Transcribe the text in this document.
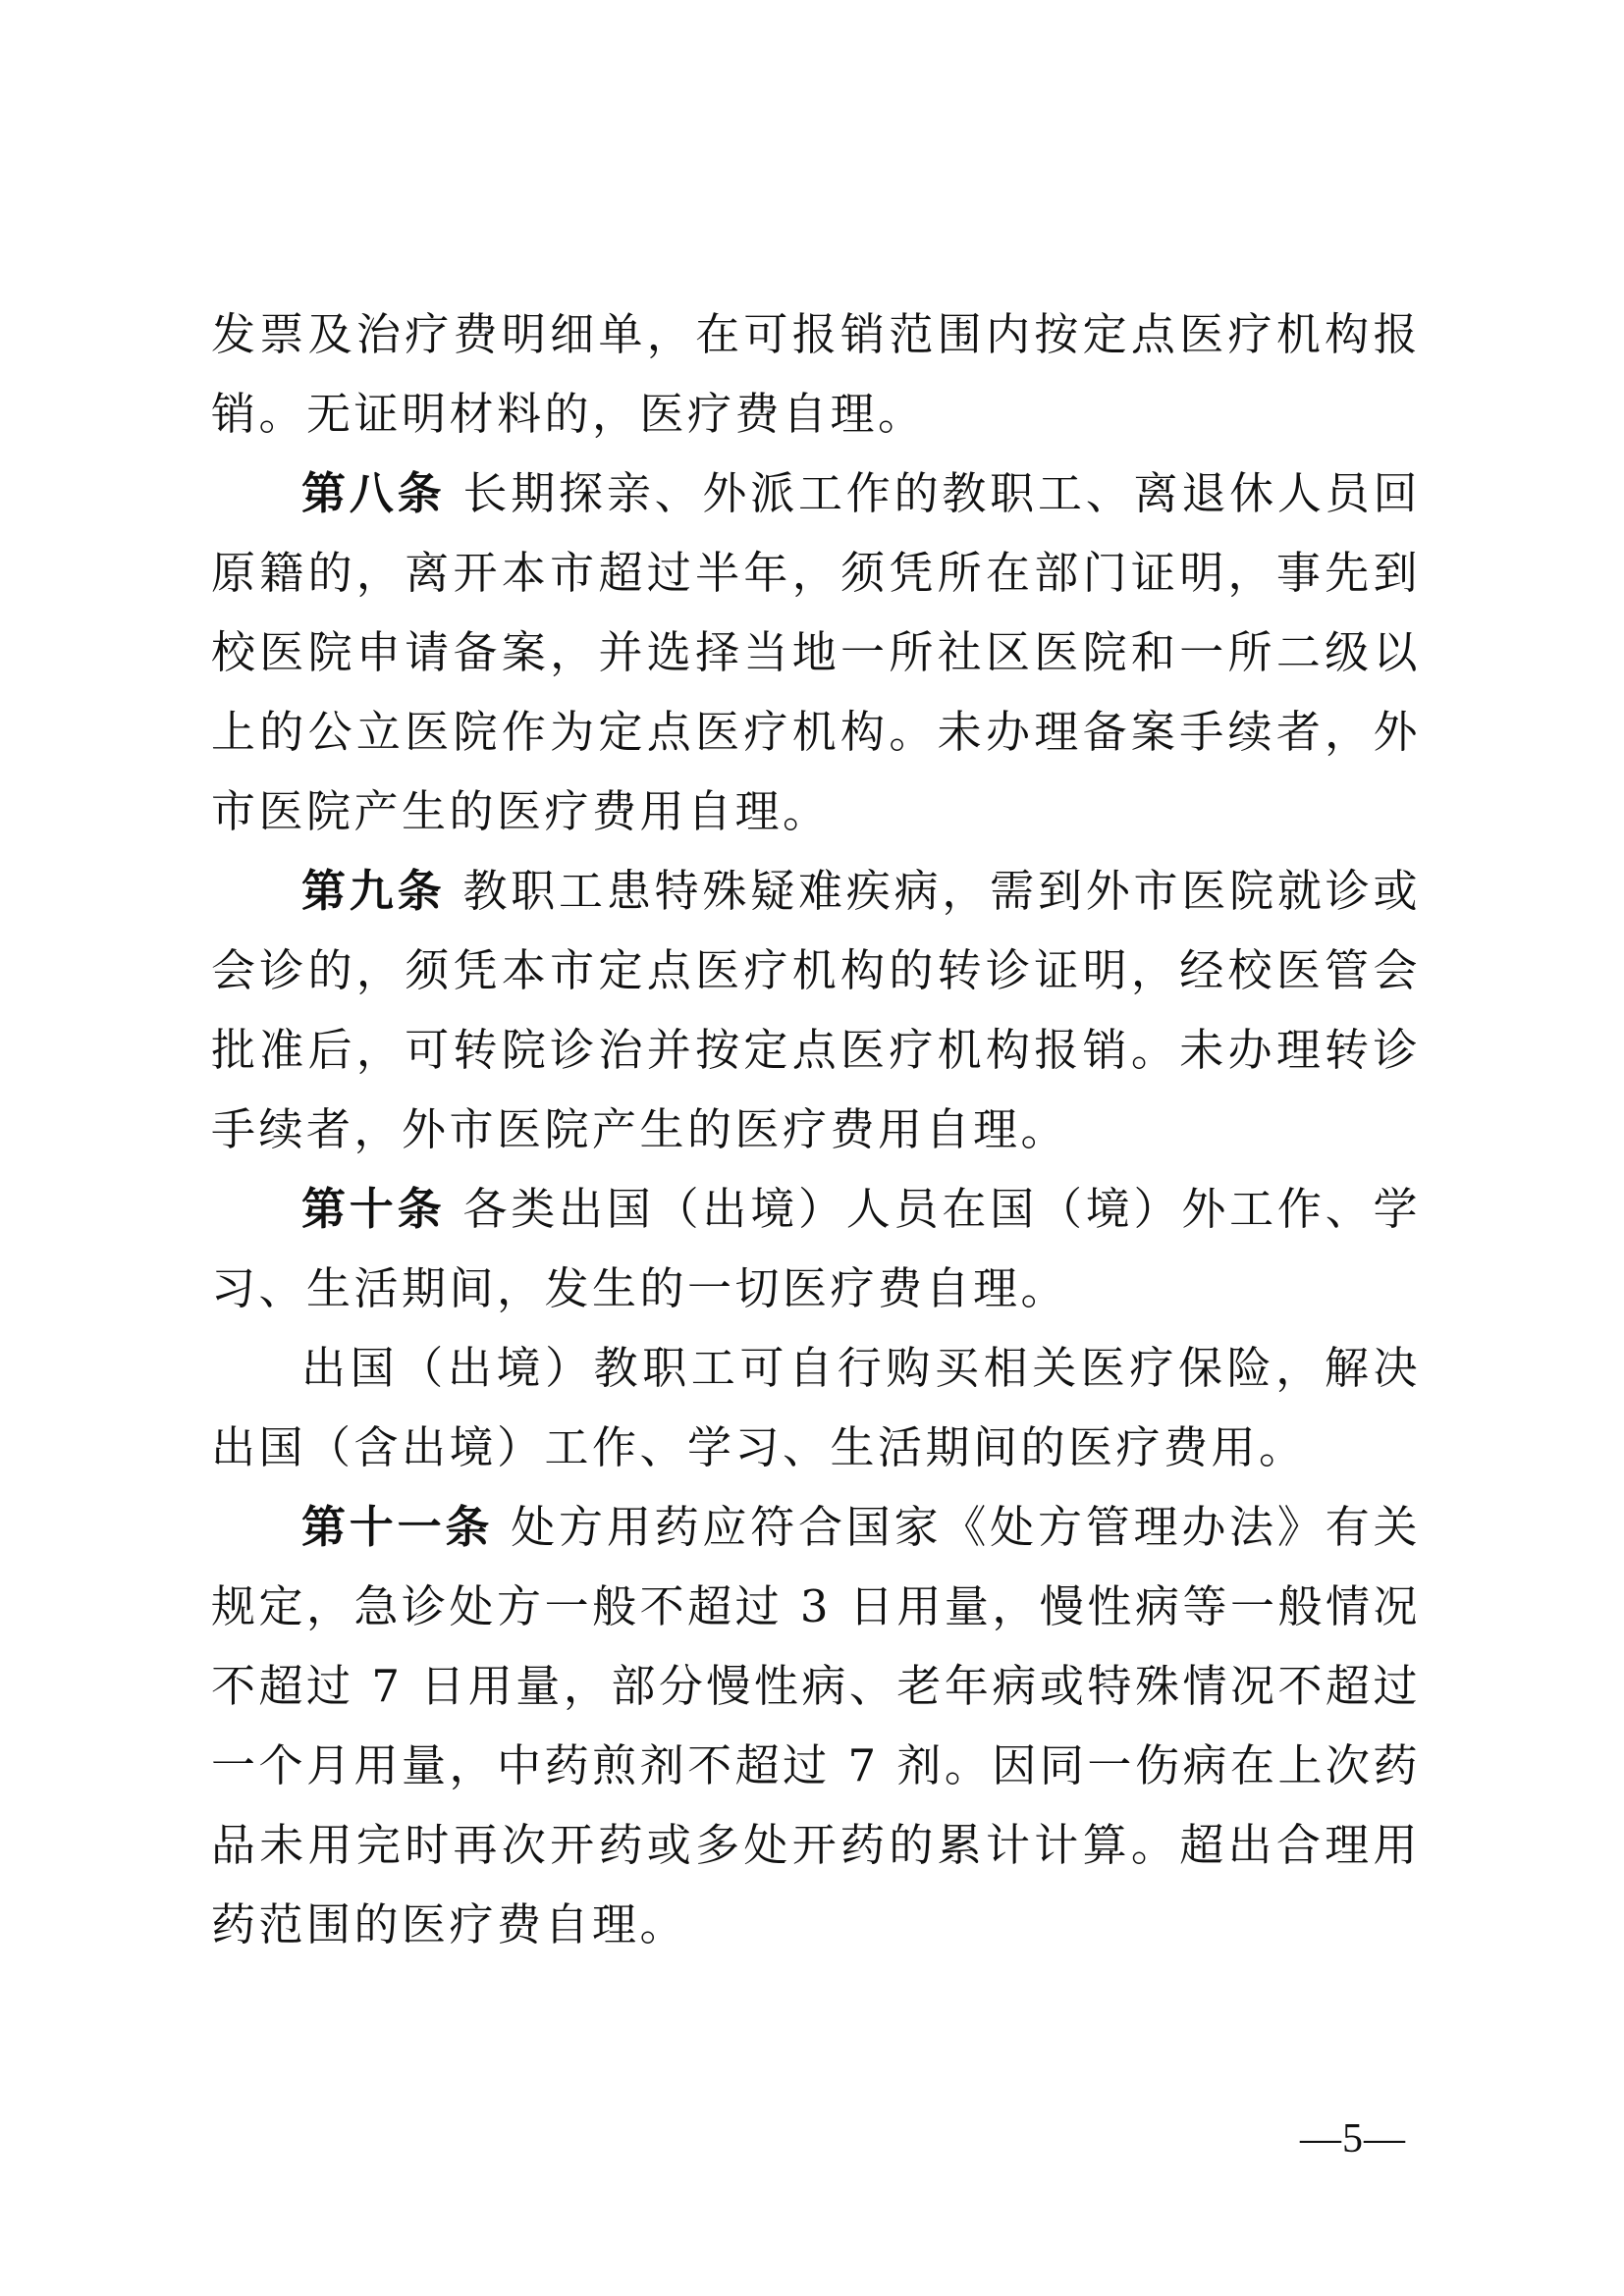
发票及治疗费明细单，在可报销范围内按定点医疗机构报销。无证明材料的，医疗费自理。

第八条 长期探亲、外派工作的教职工、离退休人员回原籍的，离开本市超过半年，须凭所在部门证明，事先到校医院申请备案，并选择当地一所社区医院和一所二级以上的公立医院作为定点医疗机构。未办理备案手续者，外市医院产生的医疗费用自理。

第九条 教职工患特殊疑难疾病，需到外市医院就诊或会诊的，须凭本市定点医疗机构的转诊证明，经校医管会批准后，可转院诊治并按定点医疗机构报销。未办理转诊手续者，外市医院产生的医疗费用自理。

第十条 各类出国（出境）人员在国（境）外工作、学习、生活期间，发生的一切医疗费自理。

出国（出境）教职工可自行购买相关医疗保险，解决出国（含出境）工作、学习、生活期间的医疗费用。

第十一条 处方用药应符合国家《处方管理办法》有关规定，急诊处方一般不超过 3 日用量，慢性病等一般情况不超过 7 日用量，部分慢性病、老年病或特殊情况不超过一个月用量，中药煎剂不超过 7 剂。因同一伤病在上次药品未用完时再次开药或多处开药的累计计算。超出合理用药范围的医疗费自理。

—5—
